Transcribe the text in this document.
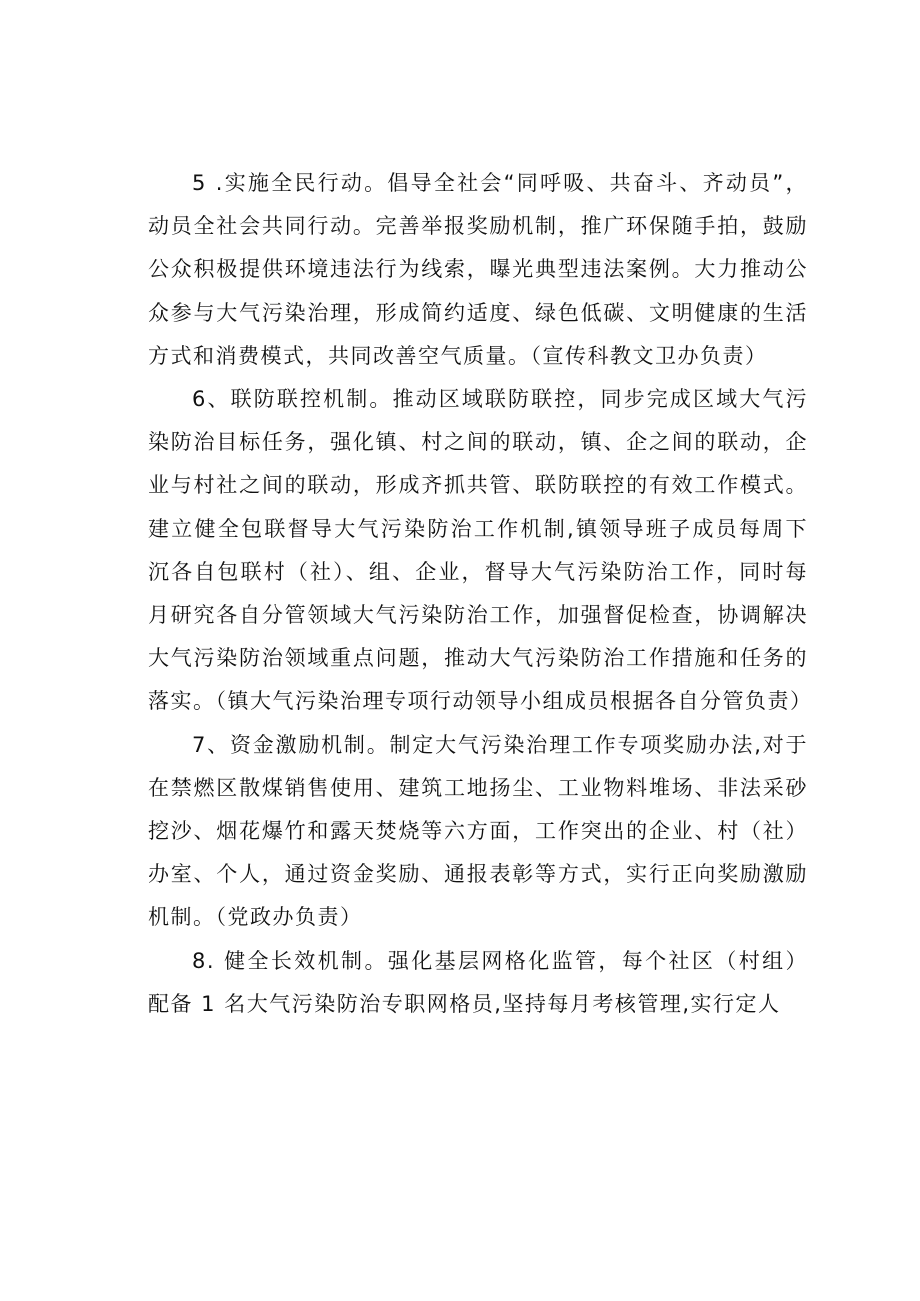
5 .实施全民行动。倡导全社会“同呼吸、共奋斗、齐动员”，动员全社会共同行动。完善举报奖励机制，推广环保随手拍，鼓励公众积极提供环境违法行为线索，曝光典型违法案例。大力推动公众参与大气污染治理，形成简约适度、绿色低碳、文明健康的生活方式和消费模式，共同改善空气质量。（宣传科教文卫办负责）

6、联防联控机制。推动区域联防联控，同步完成区域大气污染防治目标任务，强化镇、村之间的联动，镇、企之间的联动，企业与村社之间的联动，形成齐抓共管、联防联控的有效工作模式。建立健全包联督导大气污染防治工作机制,镇领导班子成员每周下沉各自包联村（社）、组、企业，督导大气污染防治工作，同时每月研究各自分管领域大气污染防治工作，加强督促检查，协调解决大气污染防治领域重点问题，推动大气污染防治工作措施和任务的落实。（镇大气污染治理专项行动领导小组成员根据各自分管负责）

7、资金激励机制。制定大气污染治理工作专项奖励办法,对于在禁燃区散煤销售使用、建筑工地扬尘、工业物料堆场、非法采砂挖沙、烟花爆竹和露天焚烧等六方面，工作突出的企业、村（社）办室、个人，通过资金奖励、通报表彰等方式，实行正向奖励激励机制。（党政办负责）

8. 健全长效机制。强化基层网格化监管，每个社区（村组）配备 1 名大气污染防治专职网格员,坚持每月考核管理,实行定人
